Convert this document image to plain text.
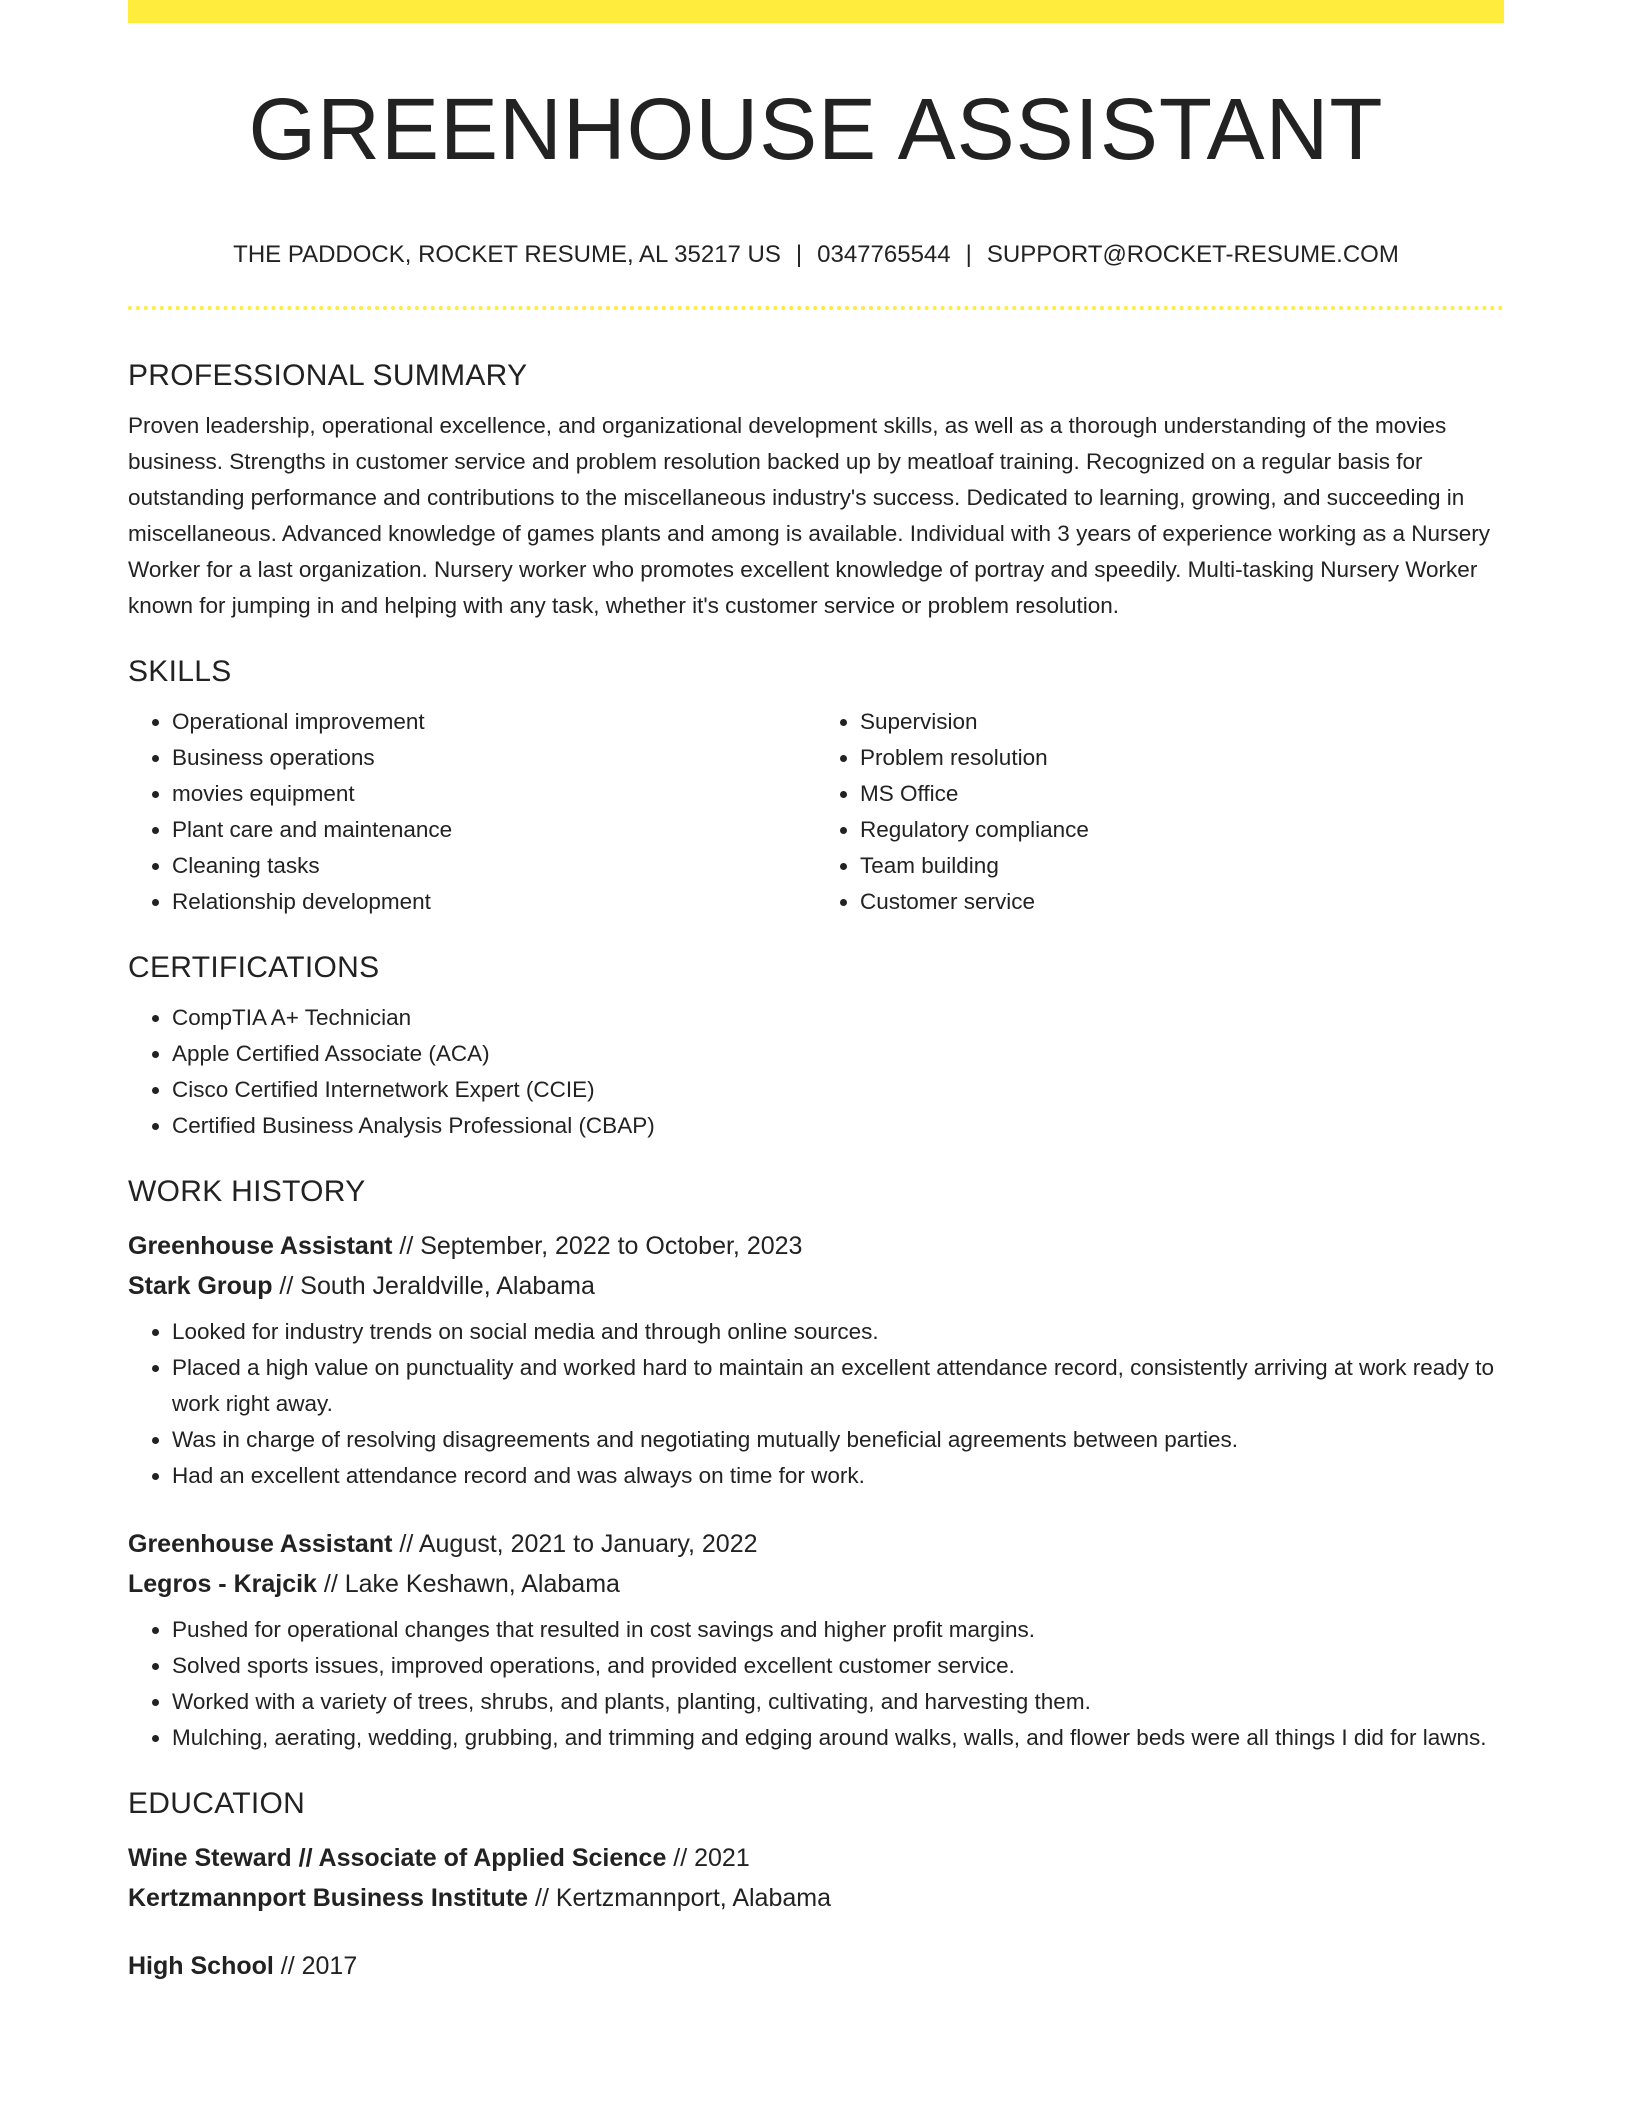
GREENHOUSE ASSISTANT
THE PADDOCK, ROCKET RESUME, AL 35217 US | 0347765544 | SUPPORT@ROCKET-RESUME.COM
PROFESSIONAL SUMMARY

Proven leadership, operational excellence, and organizational development skills, as well as a thorough understanding of the movies business. Strengths in customer service and problem resolution backed up by meatloaf training. Recognized on a regular basis for outstanding performance and contributions to the miscellaneous industry's success. Dedicated to learning, growing, and succeeding in miscellaneous. Advanced knowledge of games plants and among is available. Individual with 3 years of experience working as a Nursery Worker for a last organization. Nursery worker who promotes excellent knowledge of portray and speedily. Multi-tasking Nursery Worker known for jumping in and helping with any task, whether it's customer service or problem resolution.

SKILLS
• Operational improvement
• Business operations
• movies equipment
• Plant care and maintenance
• Cleaning tasks
• Relationship development
• Supervision
• Problem resolution
• MS Office
• Regulatory compliance
• Team building
• Customer service
CERTIFICATIONS
• CompTIA A+ Technician
• Apple Certified Associate (ACA)
• Cisco Certified Internetwork Expert (CCIE)
• Certified Business Analysis Professional (CBAP)
WORK HISTORY
Greenhouse Assistant // September, 2022 to October, 2023
Stark Group // South Jeraldville, Alabama
• Looked for industry trends on social media and through online sources.
• Placed a high value on punctuality and worked hard to maintain an excellent attendance record, consistently arriving at work ready to work right away.
• Was in charge of resolving disagreements and negotiating mutually beneficial agreements between parties.
• Had an excellent attendance record and was always on time for work.
Greenhouse Assistant // August, 2021 to January, 2022
Legros - Krajcik // Lake Keshawn, Alabama
• Pushed for operational changes that resulted in cost savings and higher profit margins.
• Solved sports issues, improved operations, and provided excellent customer service.
• Worked with a variety of trees, shrubs, and plants, planting, cultivating, and harvesting them.
• Mulching, aerating, wedding, grubbing, and trimming and edging around walks, walls, and flower beds were all things I did for lawns.
EDUCATION
Wine Steward // Associate of Applied Science // 2021
Kertzmannport Business Institute // Kertzmannport, Alabama
High School // 2017
